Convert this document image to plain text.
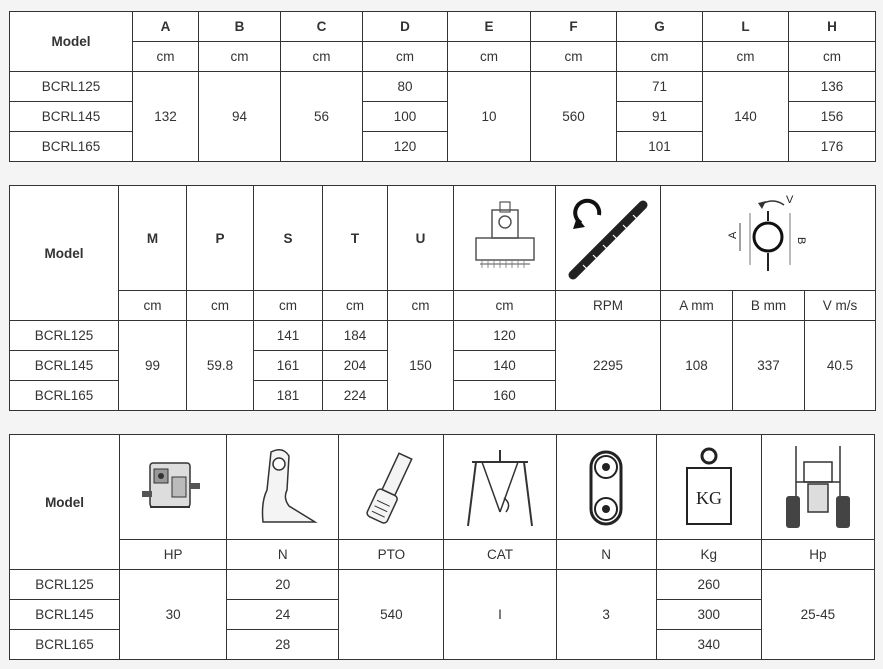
Model	A	B	C	D	E	F	G	L	H
	cm	cm	cm	cm	cm	cm	cm	cm	cm
BCRL125	132	94	56	80	10	560	71	140	136
BCRL145				100			91		156
BCRL165				120			101		176
Model	M	P	S	T	U			V
A
B		

	cm	cm	cm	cm	cm	cm	RPM	A mm	B mm	V m/s
BCRL125	99	59.8	141	184	150	120	2295	108	337	40.5
BCRL145			161	204		140				
BCRL165			181	224		160				
Model						KG

	HP	N	PTO	CAT	N	Kg	Hp
BCRL125	30	20	540	I	3	260	25-45
BCRL145		24				300	
BCRL165		28				340	
